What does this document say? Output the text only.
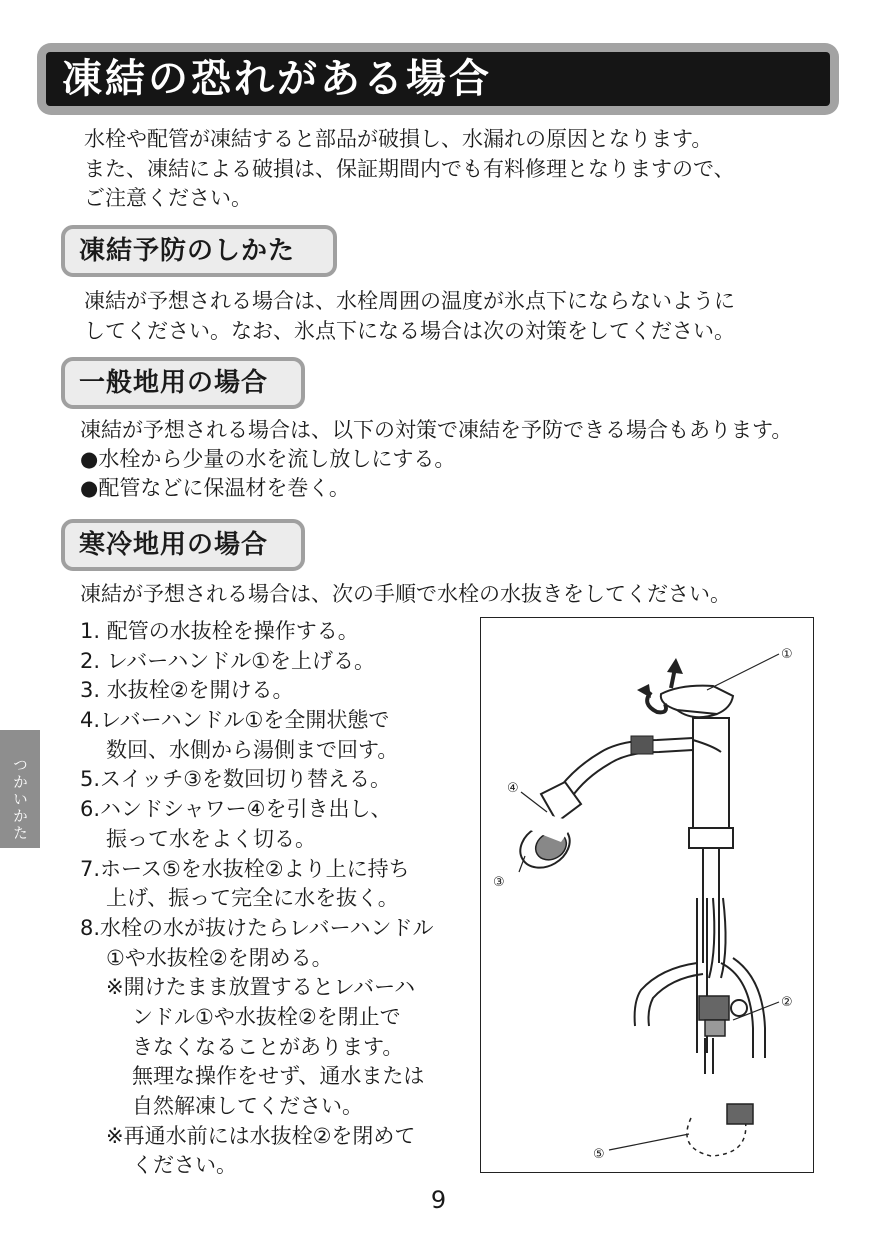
凍結の恐れがある場合
水栓や配管が凍結すると部品が破損し、水漏れの原因となります。
また、凍結による破損は、保証期間内でも有料修理となりますので、
ご注意ください。
凍結予防のしかた
凍結が予想される場合は、水栓周囲の温度が氷点下にならないように
してください。なお、氷点下になる場合は次の対策をしてください。
一般地用の場合
凍結が予想される場合は、以下の対策で凍結を予防できる場合もあります。
●水栓から少量の水を流し放しにする。
●配管などに保温材を巻く。
寒冷地用の場合
凍結が予想される場合は、次の手順で水栓の水抜きをしてください。
1. 配管の水抜栓を操作する。
2. レバーハンドル①を上げる。
3. 水抜栓②を開ける。
4.レバーハンドル①を全開状態で
数回、水側から湯側まで回す。
5.スイッチ③を数回切り替える。
6.ハンドシャワー④を引き出し、
振って水をよく切る。
7.ホース⑤を水抜栓②より上に持ち
上げ、振って完全に水を抜く。
8.水栓の水が抜けたらレバーハンドル
①や水抜栓②を閉める。
※開けたまま放置するとレバーハ
ンドル①や水抜栓②を閉止で
きなくなることがあります。
無理な操作をせず、通水または
自然解凍してください。
※再通水前には水抜栓②を閉めて
ください。
①
②
③
④
⑤
つかいかた
9
